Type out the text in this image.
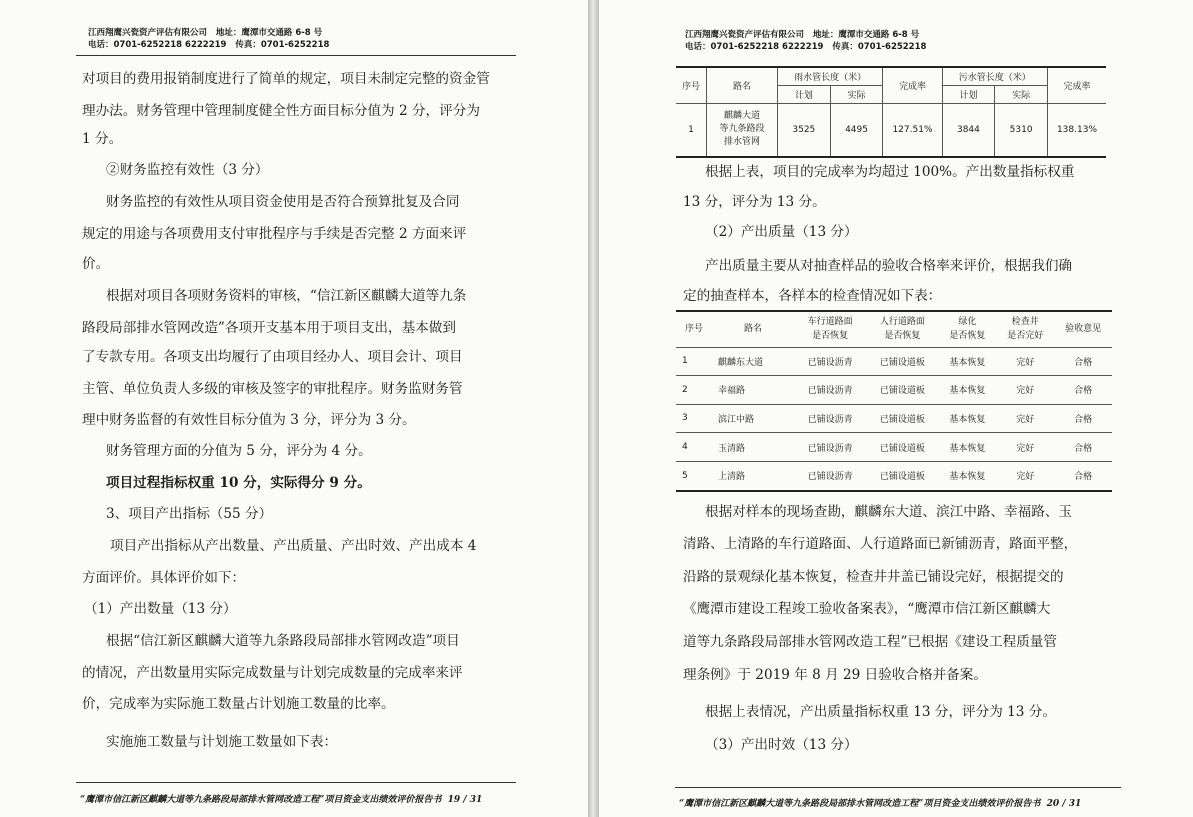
江西翔鹰兴瓷资产评估有限公司 地址：鹰潭市交通路 6-8 号
电话：0701-6252218 6222219 传真：0701-6252218
对项目的费用报销制度进行了简单的规定，项目未制定完整的资金管
理办法。财务管理中管理制度健全性方面目标分值为 2 分，评分为
1 分。
②财务监控有效性（3 分）
财务监控的有效性从项目资金使用是否符合预算批复及合同
规定的用途与各项费用支付审批程序与手续是否完整 2 方面来评
价。
根据对项目各项财务资料的审核，“信江新区麒麟大道等九条
路段局部排水管网改造”各项开支基本用于项目支出，基本做到
了专款专用。各项支出均履行了由项目经办人、项目会计、项目
主管、单位负责人多级的审核及签字的审批程序。财务监财务管
理中财务监督的有效性目标分值为 3 分，评分为 3 分。
财务管理方面的分值为 5 分，评分为 4 分。
项目过程指标权重 10 分，实际得分 9 分。
3、项目产出指标（55 分）
项目产出指标从产出数量、产出质量、产出时效、产出成本 4
方面评价。具体评价如下：
（1）产出数量（13 分）
根据“信江新区麒麟大道等九条路段局部排水管网改造”项目
的情况，产出数量用实际完成数量与计划完成数量的完成率来评
价，完成率为实际施工数量占计划施工数量的比率。
实施施工数量与计划施工数量如下表：
“鹰潭市信江新区麒麟大道等九条路段局部排水管网改造工程”项目资金支出绩效评价报告书 19 / 31
江西翔鹰兴瓷资产评估有限公司 地址：鹰潭市交通路 6-8 号
电话：0701-6252218 6222219 传真：0701-6252218
序号	路名	雨水管长度（米）		完成率	污水管长度（米）		完成率
		计划	实际		计划	实际	
1	麒麟大道
等九条路段
排水管网	3525	4495	127.51%	3844	5310	138.13%
根据上表，项目的完成率为均超过 100%。产出数量指标权重
13 分，评分为 13 分。
（2）产出质量（13 分）
产出质量主要从对抽查样品的验收合格率来评价，根据我们确
定的抽查样本，各样本的检查情况如下表：
序号	路名	车行道路面
是否恢复	人行道路面
是否恢复	绿化
是否恢复	检查井
是否完好	验收意见
1	麒麟东大道	已铺设沥青	已铺设道板	基本恢复	完好	合格
2	幸福路	已铺设沥青	已铺设道板	基本恢复	完好	合格
3	滨江中路	已铺设沥青	已铺设道板	基本恢复	完好	合格
4	玉清路	已铺设沥青	已铺设道板	基本恢复	完好	合格
5	上清路	已铺设沥青	已铺设道板	基本恢复	完好	合格
根据对样本的现场查勘，麒麟东大道、滨江中路、幸福路、玉
清路、上清路的车行道路面、人行道路面已新铺沥青，路面平整，
沿路的景观绿化基本恢复，检查井井盖已铺设完好，根据提交的
《鹰潭市建设工程竣工验收备案表》，“鹰潭市信江新区麒麟大
道等九条路段局部排水管网改造工程”已根据《建设工程质量管
理条例》于 2019 年 8 月 29 日验收合格并备案。
根据上表情况，产出质量指标权重 13 分，评分为 13 分。
（3）产出时效（13 分）
“鹰潭市信江新区麒麟大道等九条路段局部排水管网改造工程”项目资金支出绩效评价报告书 20 / 31
